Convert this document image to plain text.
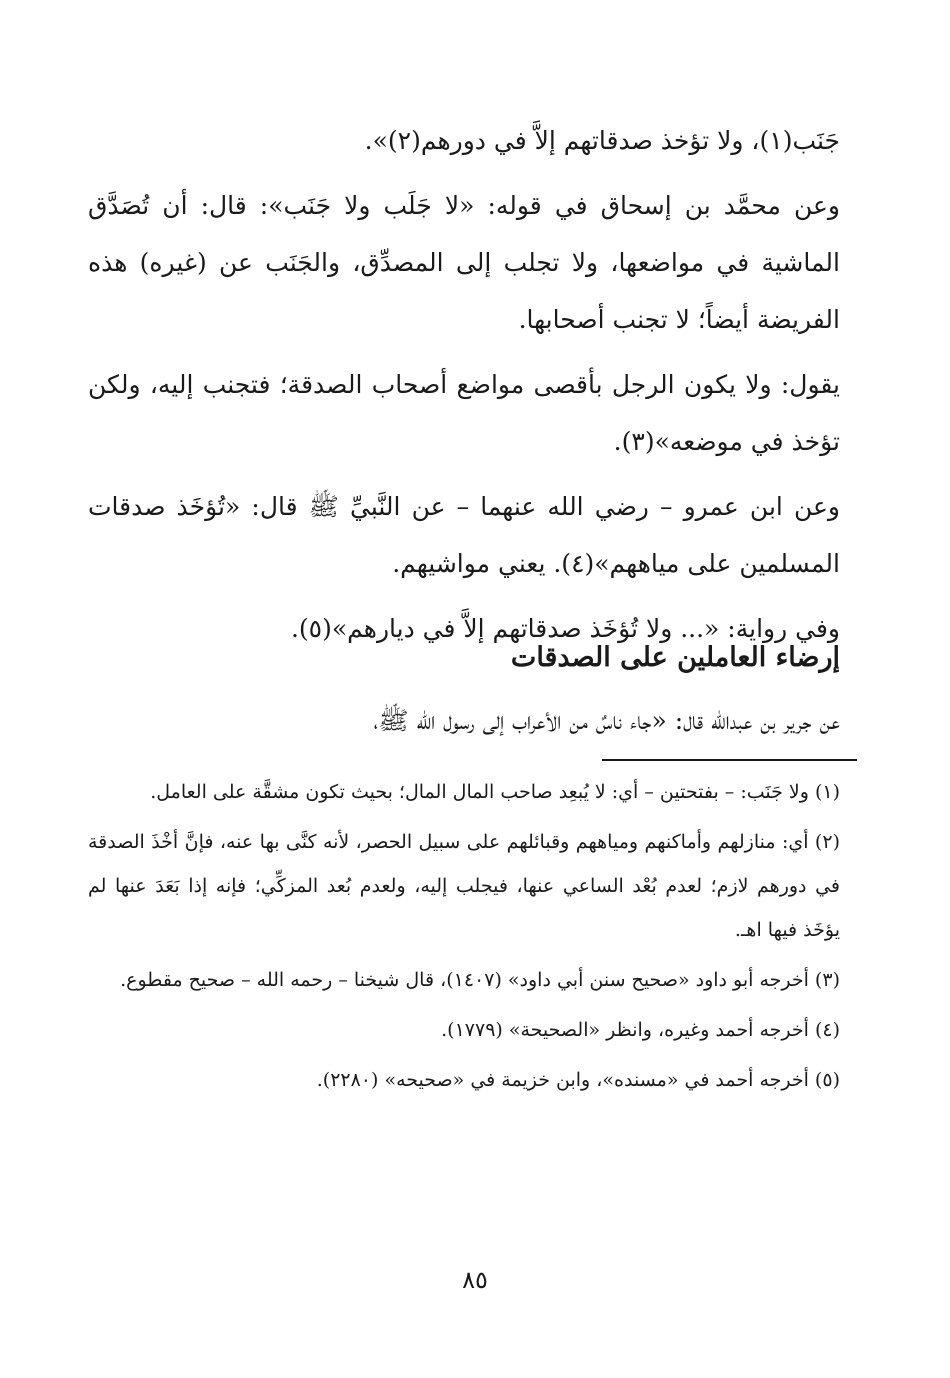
جَنَب(١)، ولا تؤخذ صدقاتهم إلاَّ في دورهم(٢)».

وعن محمَّد بن إسحاق في قوله: «لا جَلَب ولا جَنَب»: قال: أن تُصَدَّق الماشية في مواضعها، ولا تجلب إلى المصدِّق، والجَنَب عن (غيره) هذه الفريضة أيضاً؛ لا تجنب أصحابها.

يقول: ولا يكون الرجل بأقصى مواضع أصحاب الصدقة؛ فتجنب إليه، ولكن تؤخذ في موضعه»(٣).

وعن ابن عمرو – رضي الله عنهما – عن النَّبيِّ ﷺ قال: «تُؤخَذ صدقات المسلمين على مياههم»(٤). يعني مواشيهم.

وفي رواية: «... ولا تُؤخَذ صدقاتهم إلاَّ في ديارهم»(٥).

إرضاء العاملين على الصدقات

عن جرير بن عبدالله قال: «جاء ناسٌ من الأعراب إلى رسول الله ﷺ،

(١) ولا جَنَب: – بفتحتين – أي: لا يُبعِد صاحب المال المال؛ بحيث تكون مشقَّة على العامل.

(٢) أي: منازلهم وأماكنهم ومياههم وقبائلهم على سبيل الحصر، لأنه كنَّى بها عنه، فإنَّ أخْذَ الصدقة في دورهم لازم؛ لعدم بُعْد الساعي عنها، فيجلب إليه، ولعدم بُعد المزكِّي؛ فإنه إذا بَعَدَ عنها لم يؤخَذ فيها اهـ.

(٣) أخرجه أبو داود «صحيح سنن أبي داود» (١٤٠٧)، قال شيخنا – رحمه الله – صحيح مقطوع.

(٤) أخرجه أحمد وغيره، وانظر «الصحيحة» (١٧٧٩).

(٥) أخرجه أحمد في «مسنده»، وابن خزيمة في «صحيحه» (٢٢٨٠).

٨٥
